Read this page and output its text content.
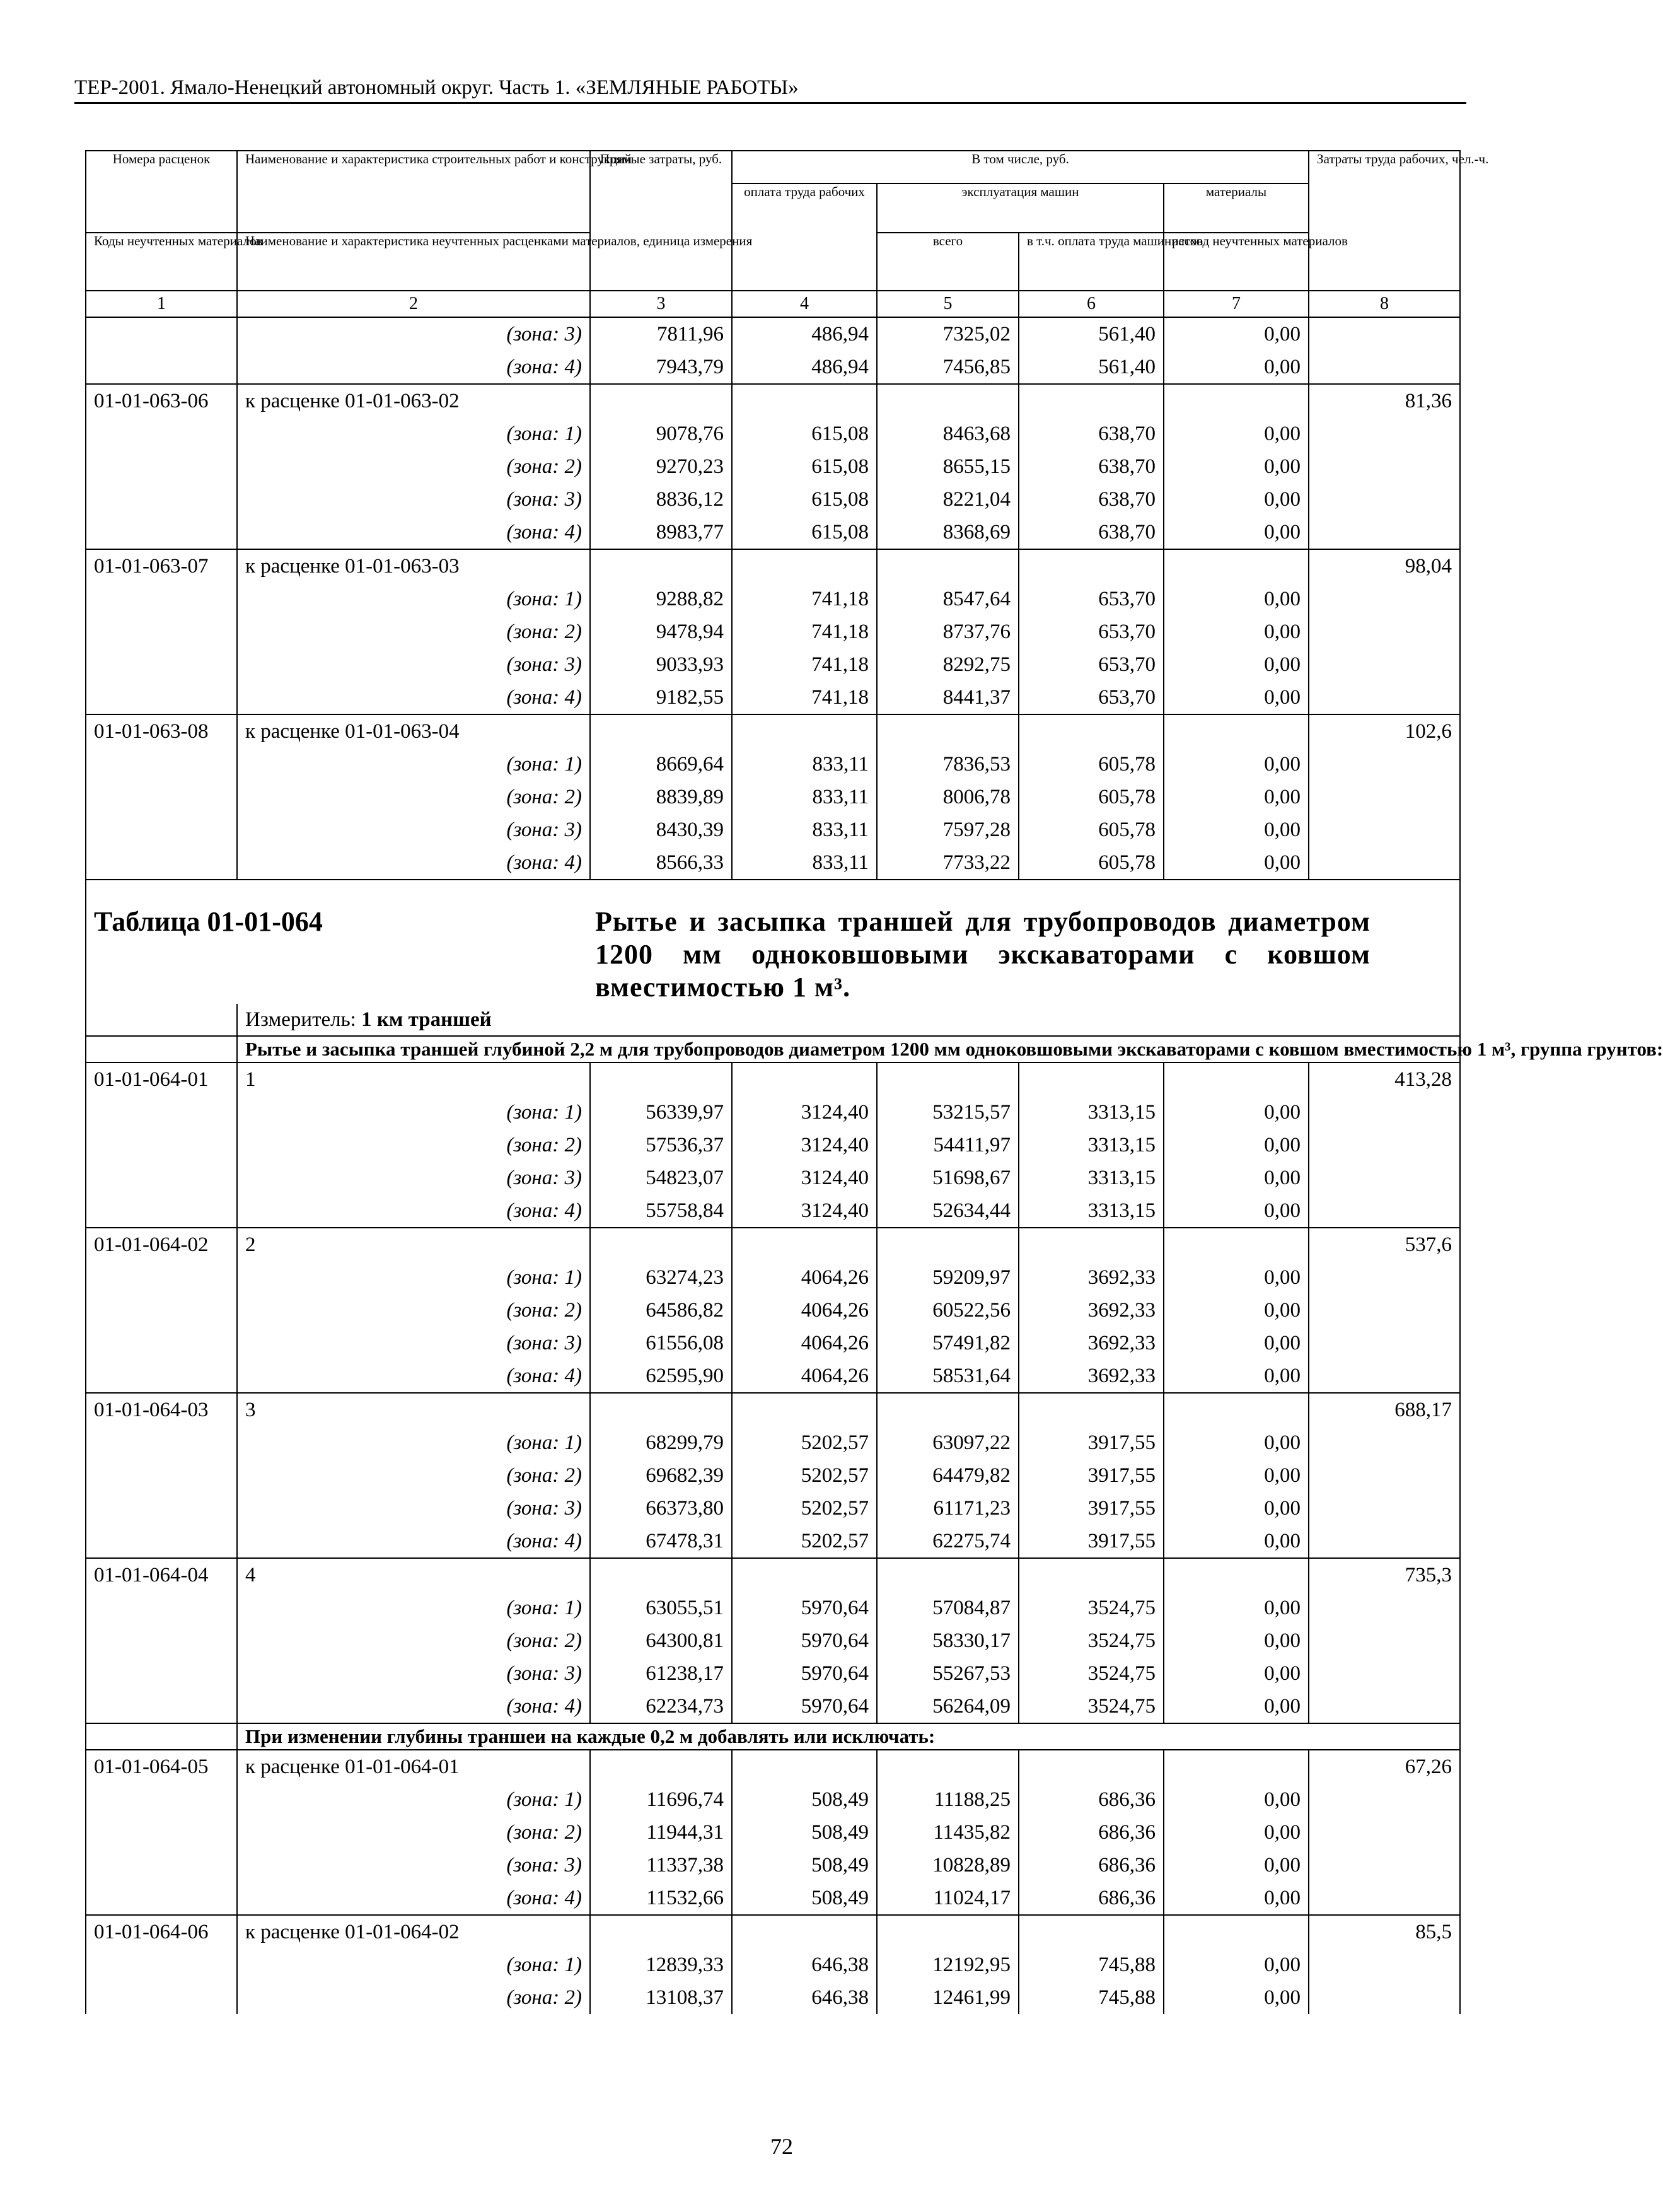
ТЕР-2001. Ямало-Ненецкий автономный округ. Часть 1. «ЗЕМЛЯНЫЕ РАБОТЫ»
Номера расценок	Наименование и характеристика строительных работ и конструкций	Прямые затраты, руб.	В том числе, руб.				Затраты труда рабочих, чел.-ч.
			оплата труда рабочих	эксплуатация машин		материалы	
Коды неучтенных материалов	Наименование и характеристика неучтенных расценками материалов, единица измерения			всего	в т.ч. оплата труда машинистов	расход неучтенных материалов	
1	2	3	4	5	6	7	8
	(зона: 3)	7811,96	486,94	7325,02	561,40	0,00	
	(зона: 4)	7943,79	486,94	7456,85	561,40	0,00	
01-01-063-06	к расценке 01-01-063-02						81,36
	(зона: 1)	9078,76	615,08	8463,68	638,70	0,00	
	(зона: 2)	9270,23	615,08	8655,15	638,70	0,00	
	(зона: 3)	8836,12	615,08	8221,04	638,70	0,00	
	(зона: 4)	8983,77	615,08	8368,69	638,70	0,00	
01-01-063-07	к расценке 01-01-063-03						98,04
	(зона: 1)	9288,82	741,18	8547,64	653,70	0,00	
	(зона: 2)	9478,94	741,18	8737,76	653,70	0,00	
	(зона: 3)	9033,93	741,18	8292,75	653,70	0,00	
	(зона: 4)	9182,55	741,18	8441,37	653,70	0,00	
01-01-063-08	к расценке 01-01-063-04						102,6
	(зона: 1)	8669,64	833,11	7836,53	605,78	0,00	
	(зона: 2)	8839,89	833,11	8006,78	605,78	0,00	
	(зона: 3)	8430,39	833,11	7597,28	605,78	0,00	
	(зона: 4)	8566,33	833,11	7733,22	605,78	0,00	

Таблица 01-01-064 Рытье и засыпка траншей для трубопроводов диаметром 1200 мм одноковшовыми экскаваторами с ковшом вместимостью 1 м³.							

	Измеритель: 1 км траншей						
	Рытье и засыпка траншей глубиной 2,2 м для трубопроводов диаметром 1200 мм одноковшовыми экскаваторами с ковшом вместимостью 1 м³, группа грунтов:						
01-01-064-01	1						413,28
	(зона: 1)	56339,97	3124,40	53215,57	3313,15	0,00	
	(зона: 2)	57536,37	3124,40	54411,97	3313,15	0,00	
	(зона: 3)	54823,07	3124,40	51698,67	3313,15	0,00	
	(зона: 4)	55758,84	3124,40	52634,44	3313,15	0,00	
01-01-064-02	2						537,6
	(зона: 1)	63274,23	4064,26	59209,97	3692,33	0,00	
	(зона: 2)	64586,82	4064,26	60522,56	3692,33	0,00	
	(зона: 3)	61556,08	4064,26	57491,82	3692,33	0,00	
	(зона: 4)	62595,90	4064,26	58531,64	3692,33	0,00	
01-01-064-03	3						688,17
	(зона: 1)	68299,79	5202,57	63097,22	3917,55	0,00	
	(зона: 2)	69682,39	5202,57	64479,82	3917,55	0,00	
	(зона: 3)	66373,80	5202,57	61171,23	3917,55	0,00	
	(зона: 4)	67478,31	5202,57	62275,74	3917,55	0,00	
01-01-064-04	4						735,3
	(зона: 1)	63055,51	5970,64	57084,87	3524,75	0,00	
	(зона: 2)	64300,81	5970,64	58330,17	3524,75	0,00	
	(зона: 3)	61238,17	5970,64	55267,53	3524,75	0,00	
	(зона: 4)	62234,73	5970,64	56264,09	3524,75	0,00	
	При изменении глубины траншеи на каждые 0,2 м добавлять или исключать:						
01-01-064-05	к расценке 01-01-064-01						67,26
	(зона: 1)	11696,74	508,49	11188,25	686,36	0,00	
	(зона: 2)	11944,31	508,49	11435,82	686,36	0,00	
	(зона: 3)	11337,38	508,49	10828,89	686,36	0,00	
	(зона: 4)	11532,66	508,49	11024,17	686,36	0,00	
01-01-064-06	к расценке 01-01-064-02						85,5
	(зона: 1)	12839,33	646,38	12192,95	745,88	0,00	
	(зона: 2)	13108,37	646,38	12461,99	745,88	0,00	
72
